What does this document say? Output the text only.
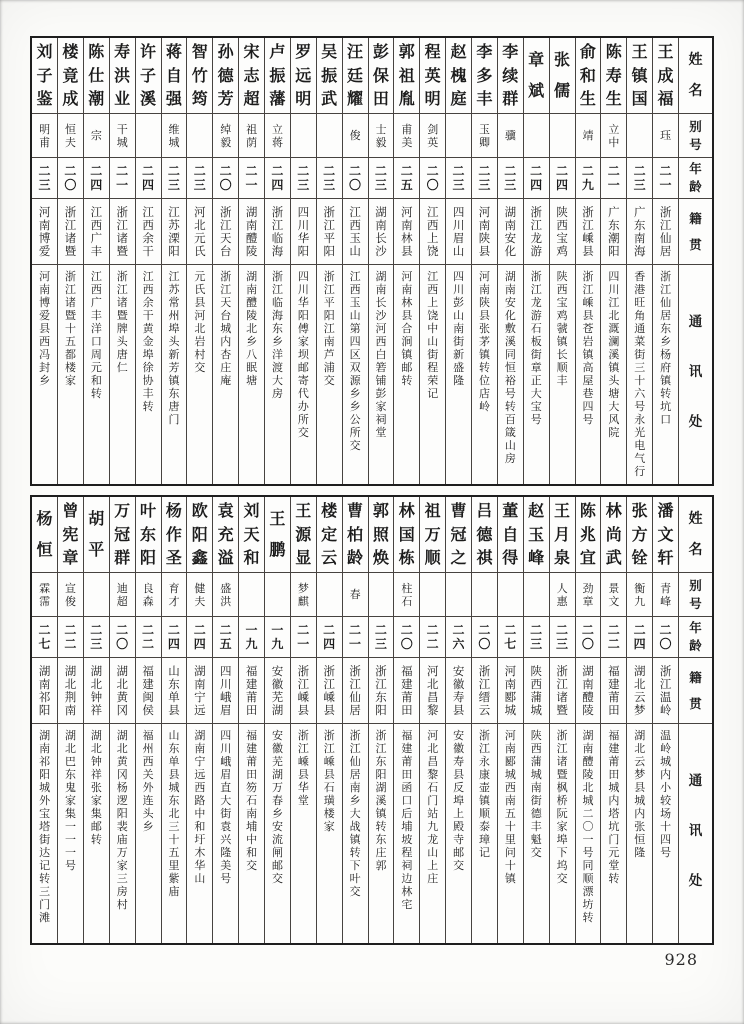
姓
名
别
号
年
龄
籍
贯
通
讯
处
王
成
福
珏
二
一
浙
江
仙
居
浙
江
仙
居
东
乡
杨
府
镇
转
坑
口
王
镇
国
二
三
广
东
南
海
香
港
旺
角
通
菜
街
三
十
六
号
永
光
电
气
行
陈
寿
生
立
中
二
一
广
东
潮
阳
四
川
江
北
溉
澜
溪
镇
头
塘
大
风
院
俞
和
生
靖
二
九
浙
江
嵊
县
浙
江
嵊
县
苍
岩
镇
高
屋
巷
四
号
张
儒
二
四
陕
西
宝
鸡
陕
西
宝
鸡
虢
镇
长
顺
丰
章
斌
二
四
浙
江
龙
游
浙
江
龙
游
石
板
街
章
正
大
宝
号
李
续
群
骥
二
三
湖
南
安
化
湖
南
安
化
敷
溪
同
恒
裕
号
转
百
箴
山
房
李
多
丰
玉
卿
二
三
河
南
陕
县
河
南
陕
县
张
茅
镇
转
位
店
岭
赵
槐
庭
二
三
四
川
眉
山
四
川
彭
山
南
街
新
盛
隆
程
英
明
剑
英
二
〇
江
西
上
饶
江
西
上
饶
中
山
街
程
荣
记
郭
祖
胤
甫
美
二
五
河
南
林
县
河
南
林
县
合
涧
镇
邮
转
彭
保
田
士
毅
二
三
湖
南
长
沙
湖
南
长
沙
河
西
白
箬
铺
彭
家
祠
堂
汪
廷
耀
俊
二
〇
江
西
玉
山
江
西
玉
山
第
四
区
双
源
乡
乡
公
所
交
吴
振
武
二
三
浙
江
平
阳
浙
江
平
阳
江
南
芦
浦
交
罗
远
明
二
三
四
川
华
阳
四
川
华
阳
傅
家
坝
邮
寄
代
办
所
交
卢
振
藩
立
蒋
二
四
浙
江
临
海
浙
江
临
海
东
乡
洋
渡
大
房
宋
志
超
祖
荫
二
一
湖
南
醴
陵
湖
南
醴
陵
北
乡
八
眠
塘
孙
德
芳
绰
毅
二
〇
浙
江
天
台
浙
江
天
台
城
内
杏
庄
庵
智
竹
筠
二
三
河
北
元
氏
元
氏
县
河
北
岩
村
交
蒋
自
强
维
城
二
三
江
苏
溧
阳
江
苏
常
州
埠
头
新
芳
镇
东
唐
门
许
子
溪
二
四
江
西
余
干
江
西
余
干
黄
金
埠
徐
协
丰
转
寿
洪
业
干
城
二
一
浙
江
诸
暨
浙
江
诸
暨
牌
头
唐
仁
陈
仕
潮
宗
二
四
江
西
广
丰
江
西
广
丰
洋
口
周
元
和
转
楼
竟
成
恒
夫
二
〇
浙
江
诸
暨
浙
江
诸
暨
十
五
都
楼
家
刘
子
鉴
明
甫
二
三
河
南
博
爱
河
南
博
爱
县
西
冯
封
乡
姓
名
别
号
年
龄
籍
贯
通
讯
处
潘
文
轩
青
峰
二
〇
浙
江
温
岭
温
岭
城
内
小
较
场
十
四
号
张
方
铨
衡
九
二
四
湖
北
云
梦
湖
北
云
梦
县
城
内
张
恒
隆
林
尚
武
景
文
二
二
福
建
莆
田
福
建
莆
田
城
内
塔
坑
门
元
堂
转
陈
兆
宜
劲
章
二
〇
湖
南
醴
陵
湖
南
醴
陵
北
城
二
〇
一
号
同
顺
漂
坊
转
王
月
泉
人
惠
二
三
浙
江
诸
暨
浙
江
诸
暨
枫
桥
阮
家
埠
下
坞
交
赵
玉
峰
二
三
陕
西
蒲
城
陕
西
蒲
城
南
街
德
丰
魁
交
董
自
得
二
七
河
南
郾
城
河
南
郾
城
西
南
五
十
里
问
十
镇
吕
德
祺
二
〇
浙
江
缙
云
浙
江
永
康
壶
镇
顺
泰
璋
记
曹
冠
之
二
六
安
徽
寿
县
安
徽
寿
县
反
埠
上
殿
寺
邮
交
祖
万
顺
二
二
河
北
昌
黎
河
北
昌
黎
石
门
站
九
龙
山
上
庄
林
国
栋
柱
石
二
〇
福
建
莆
田
福
建
莆
田
函
口
后
埔
坡
程
祠
边
林
宅
郭
照
焕
二
三
浙
江
东
阳
浙
江
东
阳
湖
溪
镇
转
东
庄
郭
曹
柏
龄
春
二
一
浙
江
仙
居
浙
江
仙
居
南
乡
大
战
镇
转
下
叶
交
楼
定
云
二
四
浙
江
嵊
县
浙
江
嵊
县
石
璜
楼
家
王
源
显
梦
麒
二
一
浙
江
嵊
县
浙
江
嵊
县
华
堂
王
鹏
一
九
安
徽
芜
湖
安
徽
芜
湖
万
春
乡
安
流
闸
邮
交
刘
天
和
一
九
福
建
莆
田
福
建
莆
田
笏
石
南
埔
中
和
交
袁
充
溢
盛
洪
二
五
四
川
峨
眉
四
川
峨
眉
直
大
街
袁
兴
隆
美
号
欧
阳
鑫
健
夫
二
四
湖
南
宁
远
湖
南
宁
远
西
路
中
和
圩
木
华
山
杨
作
圣
育
才
二
四
山
东
单
县
山
东
单
县
城
东
北
三
十
五
里
紫
庙
叶
东
阳
良
森
二
二
福
建
闽
侯
福
州
西
关
外
连
头
乡
万
冠
群
迪
超
二
〇
湖
北
黄
冈
湖
北
黄
冈
杨
逻
阳
裴
庙
万
家
三
房
村
胡
平
二
三
湖
北
钟
祥
湖
北
钟
祥
张
家
集
邮
转
曾
宪
章
宣
俊
二
二
湖
北
荆
南
湖
北
巴
东
鬼
家
集
一
一
一
号
杨
恒
霖
霈
二
七
湖
南
祁
阳
湖
南
祁
阳
城
外
宝
塔
街
达
记
转
三
门
滩
928
